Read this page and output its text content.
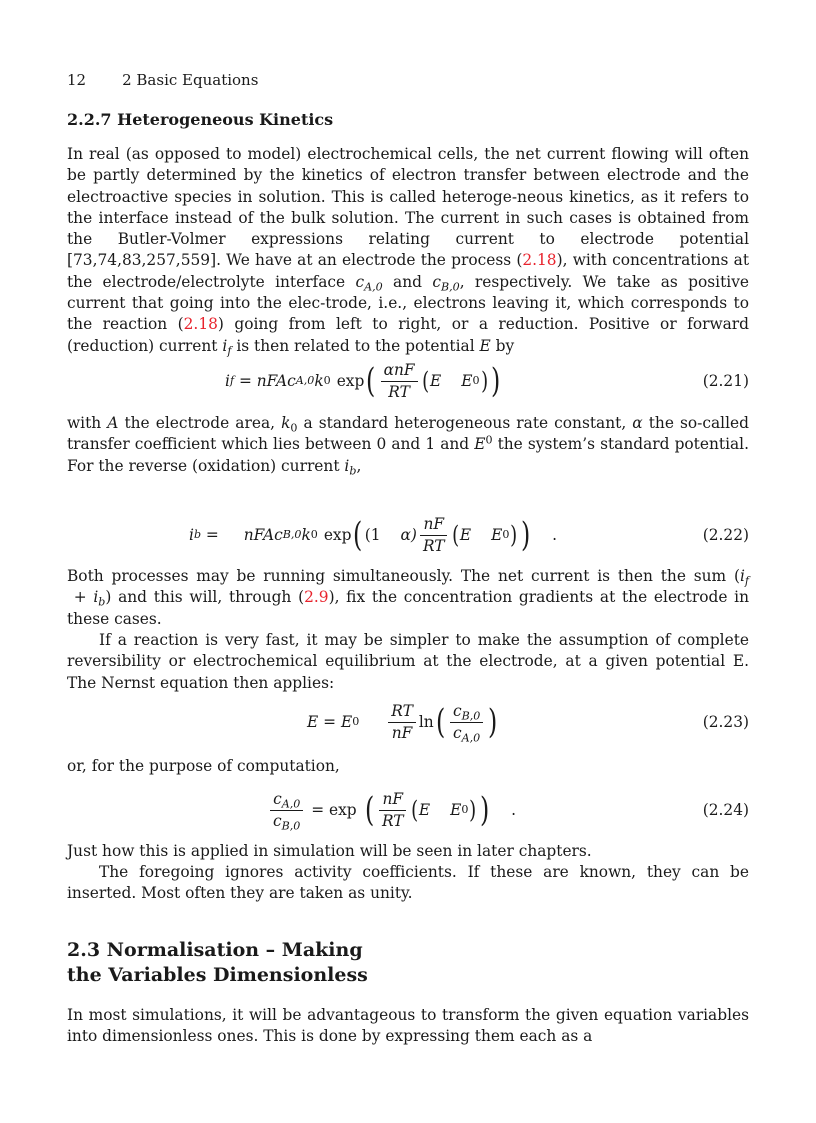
12 2 Basic Equations
2.2.7 Heterogeneous Kinetics

In real (as opposed to model) electrochemical cells, the net current flowing will often be partly determined by the kinetics of electron transfer between electrode and the electroactive species in solution. This is called heteroge-neous kinetics, as it refers to the interface instead of the bulk solution. The current in such cases is obtained from the Butler-Volmer expressions relating current to electrode potential [73,74,83,257,559]. We have at an electrode the process (2.18), with concentrations at the electrode/electrolyte interface $c_{A,0}$ and $c_{B,0}$, respectively. We take as positive current that going into the elec-trode, i.e., electrons leaving it, which corresponds to the reaction (2.18) going from left to right, or a reduction. Positive or forward (reduction) current $i_f$ is then related to the potential E by

i f = nFAc A,0 k 0 exp ( $\frac{\text{αnF}}{RT}$ ( E E 0 ) )	(2.21)

with A the electrode area, $k_0$ a standard heterogeneous rate constant, α the so-called transfer coefficient which lies between 0 and 1 and $E^0$ the system’s standard potential. For the reverse (oxidation) current $i_b$,

i b = nFAc B,0 k 0 exp ( (1 $\alpha) \frac{nF}{RT}$ ( E E 0 ) ) .	(2.22)

Both processes may be running simultaneously. The net current is then the sum $(i_f + i_b)$ and this will, through (2.9), fix the concentration gradients at the electrode in these cases.

If a reaction is very fast, it may be simpler to make the assumption of complete reversibility or electrochemical equilibrium at the electrode, at a given potential E. The Nernst equation then applies:

E = E $0 \frac{RT}{nF}$ ln ( $\frac{c_{B,0}}{c_{A,0}}$ )	(2.23)

or, for the purpose of computation,

$\frac{c_{A,0}}{c_{B,0}} = \exp$ ( $\frac{nF}{RT}$ ( E E 0 ) ) .	(2.24)

Just how this is applied in simulation will be seen in later chapters.

The foregoing ignores activity coefficients. If these are known, they can be inserted. Most often they are taken as unity.

2.3 Normalisation – Making
the Variables Dimensionless

In most simulations, it will be advantageous to transform the given equation variables into dimensionless ones. This is done by expressing them each as a
